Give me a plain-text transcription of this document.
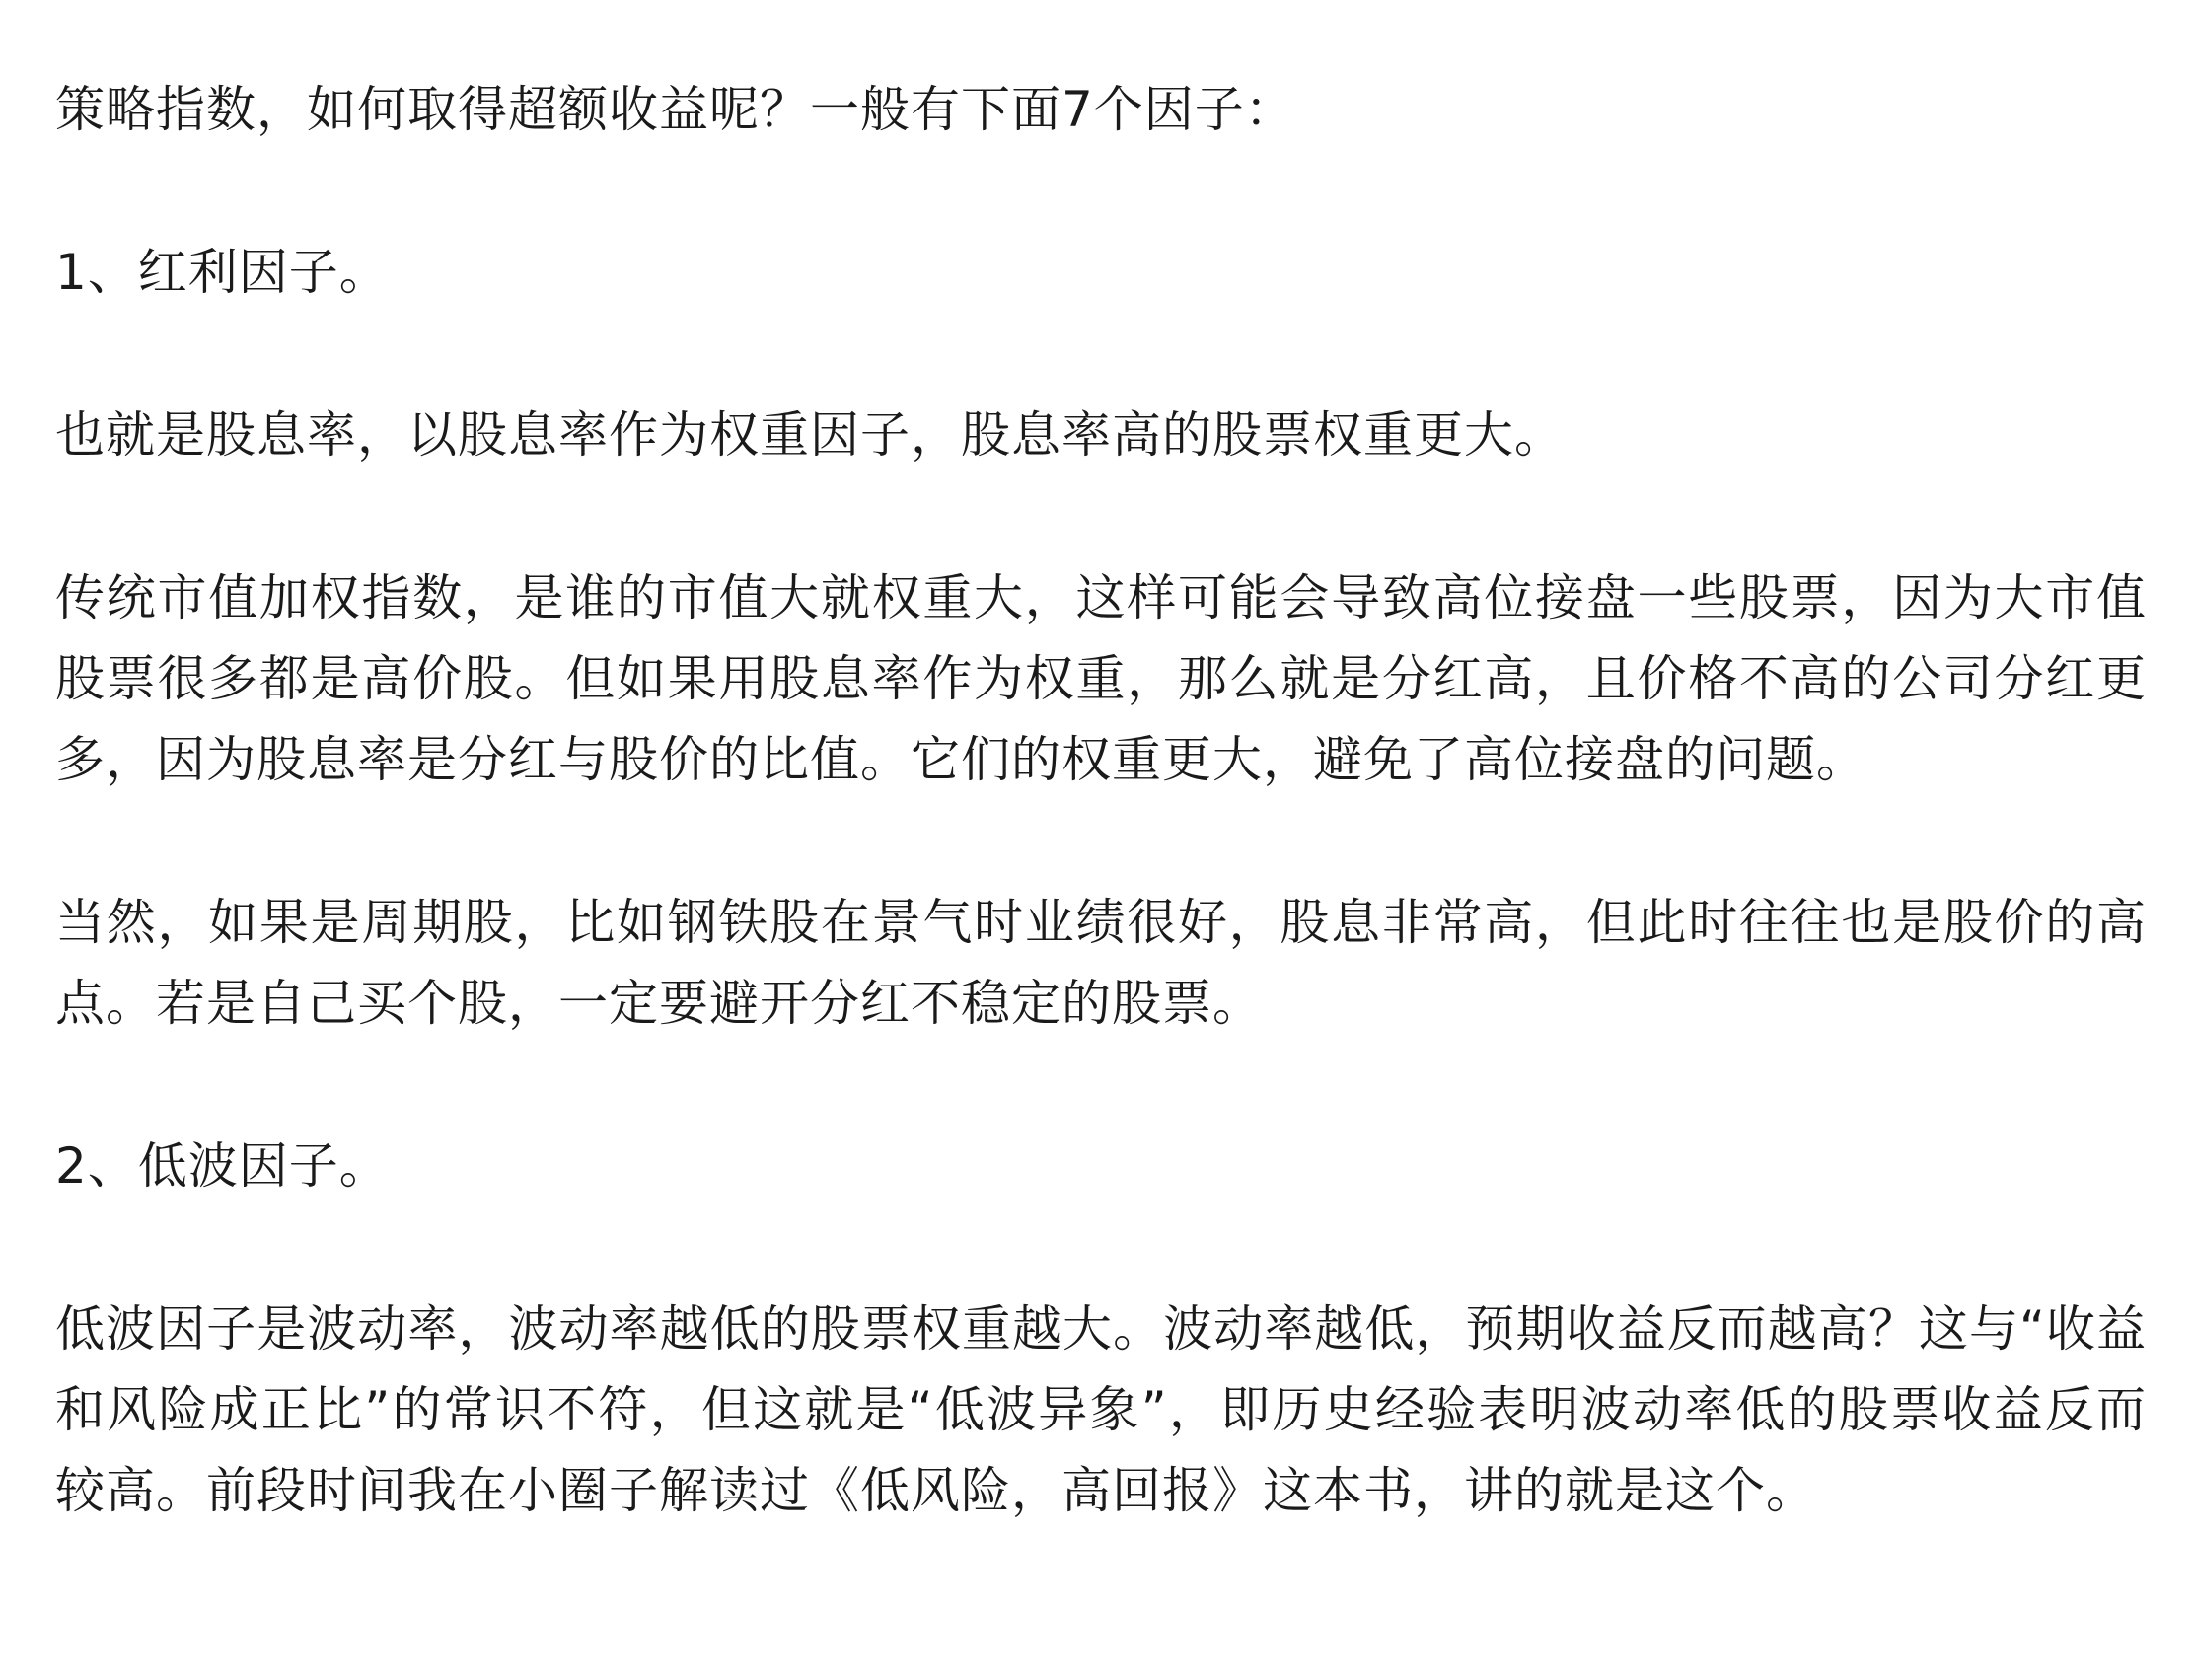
策略指数，如何取得超额收益呢？一般有下面7个因子：

1、红利因子。

也就是股息率，以股息率作为权重因子，股息率高的股票权重更大。

传统市值加权指数，是谁的市值大就权重大，这样可能会导致高位接盘一些股票，因为大市值股票很多都是高价股。但如果用股息率作为权重，那么就是分红高，且价格不高的公司分红更多，因为股息率是分红与股价的比值。它们的权重更大，避免了高位接盘的问题。

当然，如果是周期股，比如钢铁股在景气时业绩很好，股息非常高，但此时往往也是股价的高点。若是自己买个股，一定要避开分红不稳定的股票。

2、低波因子。

低波因子是波动率，波动率越低的股票权重越大。波动率越低，预期收益反而越高？这与“收益和风险成正比”的常识不符，但这就是“低波异象”，即历史经验表明波动率低的股票收益反而较高。前段时间我在小圈子解读过《低风险，高回报》这本书，讲的就是这个。
